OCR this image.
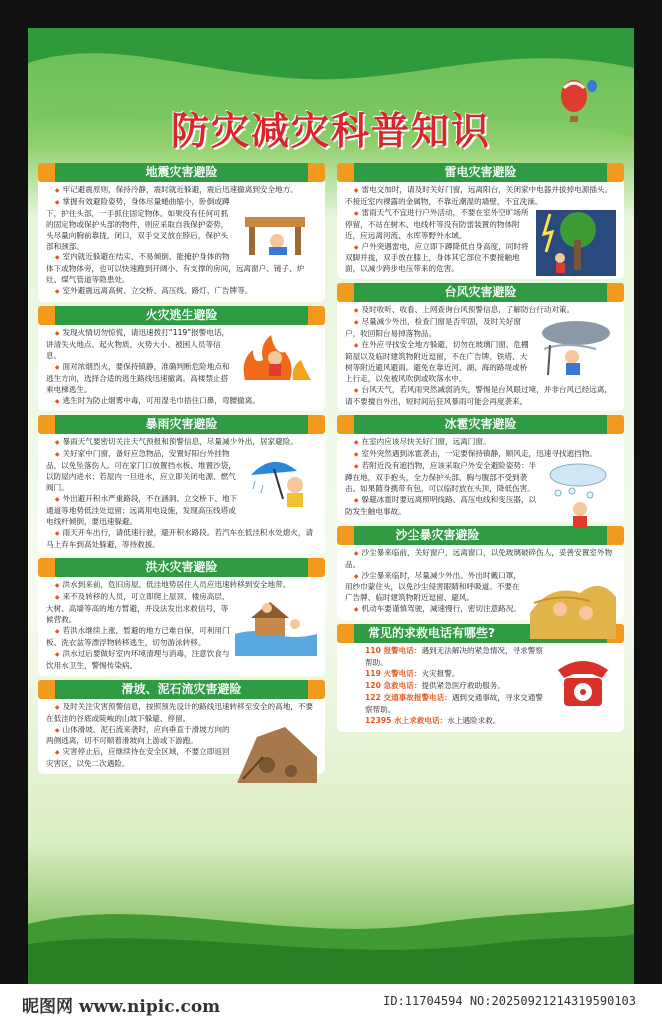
防灾减灾科普知识
地震灾害避险

◆ 牢记避震原则，保持冷静，震时就近躲避，震后迅速撤离到安全地方。

◆ 掌握有效避险姿势，身体尽量蜷曲缩小，卧倒或蹲下，护住头部，一手抓住固定物体。如果没有任何可抓的固定物或保护头部的物件，则应采取自我保护姿势，头尽量向胸前靠拢，闭口，双手交叉放在脖后，保护头部和颈部。

◆ 室内就近躲避在结实、不易倾倒、能掩护身体的物体下或物体旁，也可以快速跑到开阔小、有支撑的房间，远离窗户、镜子、炉灶、煤气管道等隐患处。

◆ 室外避震远离高树、立交桥、高压线、路灯、广告牌等。

火灾逃生避险

◆ 发现火情切勿惊慌，请迅速拨打“119”报警电话，讲清失火地点、起火物质、火势大小、被困人员等信息。

◆ 面对浓烟烈火，要保持镇静，准确判断危险地点和逃生方向，选择合适的逃生路线迅速撤离。高楼禁止搭乘电梯逃生。

◆ 逃生时为防止烟雾中毒，可用湿毛巾捂住口鼻，弯腰撤离。

暴雨灾害避险

◆ 暴雨天气要密切关注天气预报和预警信息，尽量减少外出，居家避险。

◆ 关好家中门窗，备好应急物品，安置好阳台外挂物品，以免坠落伤人。可在家门口放置挡水板、堆置沙袋，以防屋内进水；若屋内一旦进水，应立即关闭电源、燃气阀门。

◆ 外出避开积水严重路段，不在涵洞、立交桥下、地下通道等地势低洼处逗留；远离用电设施，发现高压线塔或电线杆倾倒，要迅速躲避。

◆ 雨天开车出行，请低速行驶，避开积水路段。若汽车在低洼积水处熄火，请马上弃车到高处躲避，等待救援。

洪水灾害避险

◆ 洪水到来前，危旧房屋、低洼地势居住人员应迅速转移到安全地带。

◆ 来不及转移的人员，可立即爬上屋顶、楼房高层、大树、高墙等高的地方暂避，并设法发出求救信号，等候营救。

◆ 若洪水继续上涨，暂避的地方已难自保，可利用门板、洗衣盆等漂浮物转移逃生，切勿游泳转移。

◆ 洪水过后要做好室内环境清理与消毒，注意饮食与饮用水卫生，警惕传染病。

滑坡、泥石流灾害避险

◆ 及时关注灾害预警信息，按照预先设计的路线迅速转移至安全的高地，不要在低洼的谷底或陡峻的山坡下躲避、停留。

◆ 山体滑坡、泥石流来袭时，应向垂直于滑坡方向的两侧逃离，切不可顺着滑坡向上游或下游跑。

◆ 灾害停止后，应继续待在安全区域，不要立即返回灾害区，以免二次遇险。

雷电灾害避险

◆ 雷电交加时，请及时关好门窗，远离阳台，关闭家中电器并拔掉电源插头。不接近室内裸露的金属物，不靠近潮湿的墙壁，不宜洗澡。

◆ 雷雨天气不宜进行户外活动，不要在室外空旷场所停留，不站在树木、电线杆等没有防雷装置的物体附近，应远离河流、水库等野外水域。

◆ 户外突遇雷电，应立即下蹲降低自身高度，同时将双脚并拢，双手放在膝上，身体其它部位不要接触地面，以减少跨步电压带来的危害。

台风灾害避险

◆ 及时收听、收看、上网查询台风预警信息，了解防台行动对策。

◆ 尽量减少外出，检查门窗是否牢固，及时关好窗户，收回阳台易掉落物品。

◆ 在外应寻找安全地方躲避，切勿在玻璃门窗、危棚简屋以及临时建筑物附近逗留，不在广告牌、铁塔、大树等附近避风避雨。避免在靠近河、湖、海的路堤或桥上行走，以免被风吹倒或吹落水中。

◆ 台风天气，若风雨突然减弱消失，警惕是台风眼过境，并非台风已经远离，请不要擅自外出，短时间后狂风暴雨可能会再度袭来。

冰雹灾害避险

◆ 在室内应该尽快关好门窗，远离门窗。

◆ 室外突然遇到冰雹袭击，一定要保持镇静，顺风走，迅速寻找遮挡物。

◆ 若附近没有遮挡物，应该采取户外安全避险姿势：半蹲在地，双手抱头，全力保护头部、胸与腹部不受到袭击。如果随身携带有包，可以临时放在头顶，降低伤害。

◆ 躲避冰雹时要远离照明线路、高压电线和变压器，以防发生触电事故。

沙尘暴灾害避险

◆ 沙尘暴来临前，关好窗户，远离窗口，以免玻璃破碎伤人，妥善安置室外物品。

◆ 沙尘暴来临时，尽量减少外出。外出时戴口罩，用纱巾蒙住头，以免沙尘侵害眼睛和呼吸道。不要在广告牌、临时建筑物附近逗留、避风。

◆ 机动车要谨慎驾驶，减速慢行，密切注意路况。

常见的求救电话有哪些?

110 报警电话：遇到无法解决的紧急情况，寻求警察帮助。

119 火警电话：火灾报警。

120 急救电话：提供紧急医疗救助服务。

122 交通事故报警电话：遇到交通事故，寻求交通警察帮助。

12395 水上求救电话：水上遇险求救。

昵图网 www.nipic.com	ID:11704594 NO:20250921214319590103
